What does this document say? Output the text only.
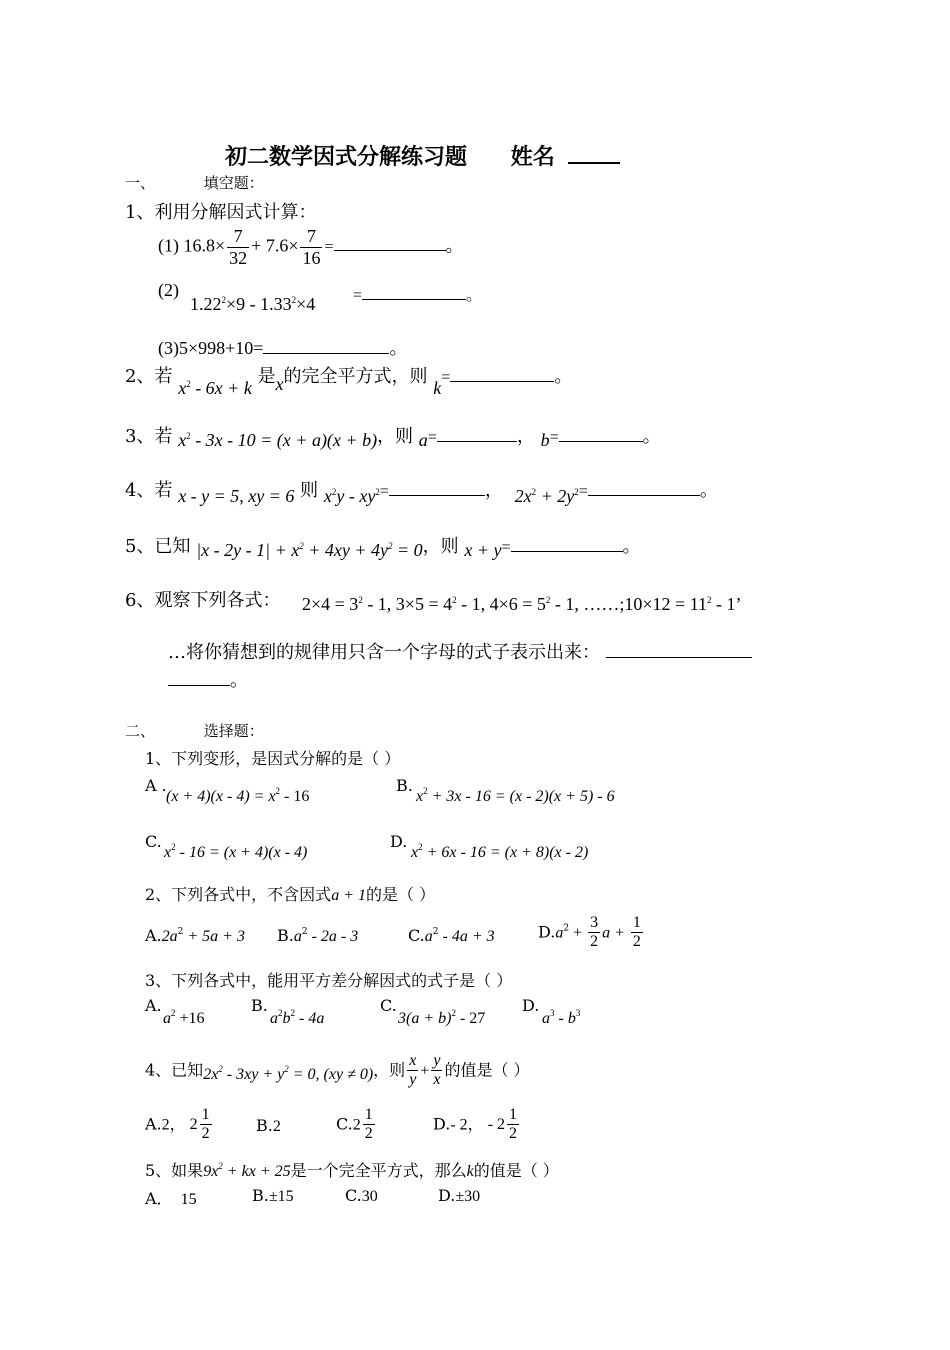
初二数学因式分解练习题 姓名
一、	填空题：
1、利用分解因式计算：
(1) $16.8\times \frac{7}{32} + 7.6\times \frac{7}{16}$ =	。
(2)
$1.22^2\times 9 - 1.33^2\times 4$ =	。
(3)5×998+10=	。
2、若 $x^2 - 6x + k$ 是x的完全平方式，则 k=	。
3、若 $x^2 - 3x - 10 = (x + a)(x + b)$，则 a=	， b=	。
4、若 x - y = 5, xy = 6 则 $x^2y - xy^2=$	， $2x^2 + 2y^2=$	。
5、已知 $|x - 2y - 1| + x^2 + 4xy + 4y^2 = 0$，则 x + y=	。
6、观察下列各式： $2\times 4 = 3^2 - 1$, $3\times 5 = 4^2 - 1$, $4\times 6 = 5^2 - 1$, ……;10×12 = $11^2 - 1$’
…将你猜想到的规律用只含一个字母的式子表示出来：
。
二、	选择题：
1、下列变形，是因式分解的是（ ）
A .
$(x + 4)(x - 4) = x^2 - 16$
B.
$x^2 + 3x - 16 = (x - 2)(x + 5) - 6$
C.
$x^2 - 16 = (x + 4)(x - 4)$
D.
$x^2 + 6x - 16 = (x + 8)(x - 2)$
2、下列各式中，不含因式a + 1的是（ ）
$A.2a^2 + 5a + 3$ $B.a^2 - 2a - 3$	$C.a^2 - 4a + 3$	$D.a^2 + \frac{3}{2}$ $a + \frac{1}{2}$
3、下列各式中，能用平方差分解因式的式子是（ ）
A.
$a^2 +16$
B.
$a^2b^2 - 4a$
C.
$3(a + b)^2 - 27$
D.
$a^3 - b^3$
4、已知$2x^2 - 3xy + y^2 = 0$, (xy ≠ 0)，则 $\frac{x}{y} + \frac{y}{x}$ 的值是（ ）
A.2， $2 \frac{1}{2}$	B.2	$C.2 \frac{1}{2}$	D.- 2， - $2 \frac{1}{2}$
5、如果$9x^2$ + kx + 25是一个完全平方式，那么k的值是（ ）
A． 15	B.±15	C.30	D.±30
